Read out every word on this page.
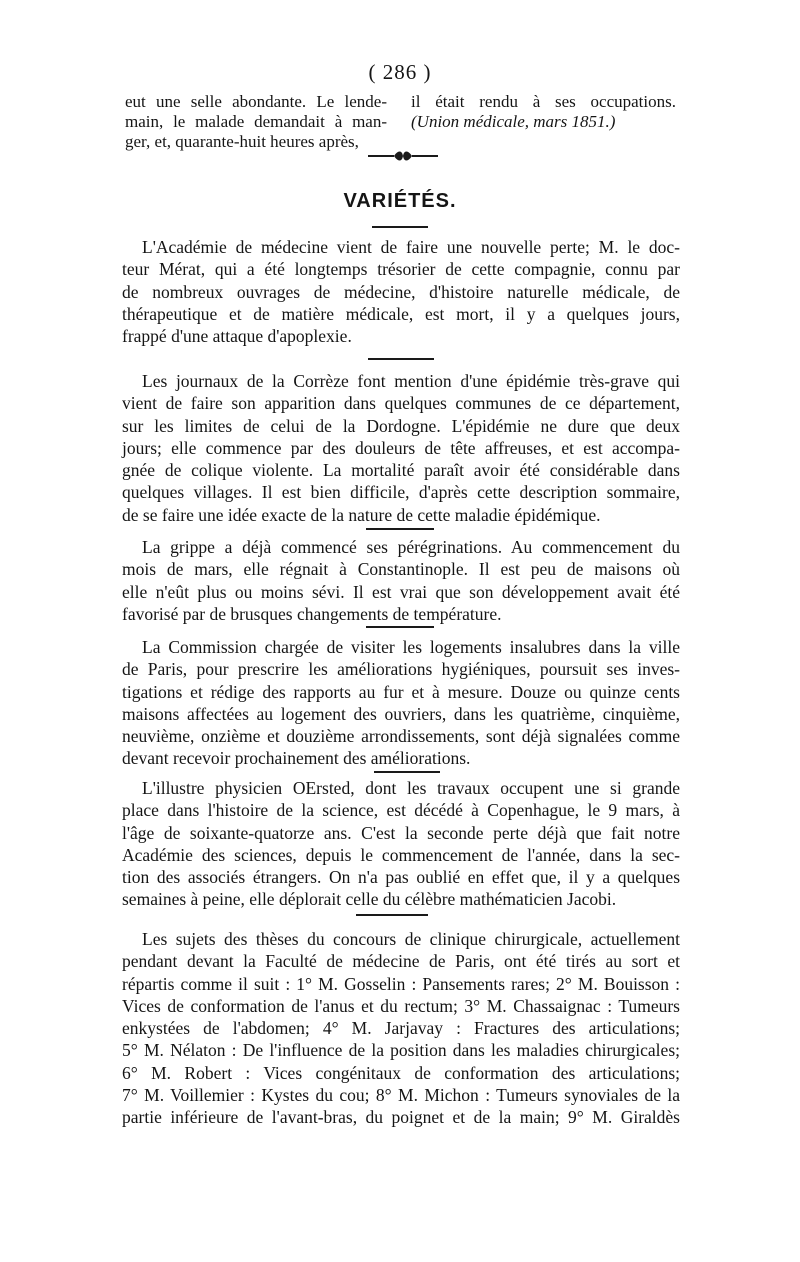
( 286 )
eut une selle abondante. Le lende-
main, le malade demandait à man-
ger, et, quarante-huit heures après,
il était rendu à ses occupations.
(Union médicale, mars 1851.)
VARIÉTÉS.
L'Académie de médecine vient de faire une nouvelle perte; M. le doc-
teur Mérat, qui a été longtemps trésorier de cette compagnie, connu par
de nombreux ouvrages de médecine, d'histoire naturelle médicale, de
thérapeutique et de matière médicale, est mort, il y a quelques jours,
frappé d'une attaque d'apoplexie.
Les journaux de la Corrèze font mention d'une épidémie très-grave qui
vient de faire son apparition dans quelques communes de ce département,
sur les limites de celui de la Dordogne. L'épidémie ne dure que deux
jours; elle commence par des douleurs de tête affreuses, et est accompa-
gnée de colique violente. La mortalité paraît avoir été considérable dans
quelques villages. Il est bien difficile, d'après cette description sommaire,
de se faire une idée exacte de la nature de cette maladie épidémique.
La grippe a déjà commencé ses pérégrinations. Au commencement du
mois de mars, elle régnait à Constantinople. Il est peu de maisons où
elle n'eût plus ou moins sévi. Il est vrai que son développement avait été
favorisé par de brusques changements de température.
La Commission chargée de visiter les logements insalubres dans la ville
de Paris, pour prescrire les améliorations hygiéniques, poursuit ses inves-
tigations et rédige des rapports au fur et à mesure. Douze ou quinze cents
maisons affectées au logement des ouvriers, dans les quatrième, cinquième,
neuvième, onzième et douzième arrondissements, sont déjà signalées comme
devant recevoir prochainement des améliorations.
L'illustre physicien OErsted, dont les travaux occupent une si grande
place dans l'histoire de la science, est décédé à Copenhague, le 9 mars, à
l'âge de soixante-quatorze ans. C'est la seconde perte déjà que fait notre
Académie des sciences, depuis le commencement de l'année, dans la sec-
tion des associés étrangers. On n'a pas oublié en effet que, il y a quelques
semaines à peine, elle déplorait celle du célèbre mathématicien Jacobi.
Les sujets des thèses du concours de clinique chirurgicale, actuellement
pendant devant la Faculté de médecine de Paris, ont été tirés au sort et
répartis comme il suit : 1° M. Gosselin : Pansements rares; 2° M. Bouisson :
Vices de conformation de l'anus et du rectum; 3° M. Chassaignac : Tumeurs
enkystées de l'abdomen; 4° M. Jarjavay : Fractures des articulations;
5° M. Nélaton : De l'influence de la position dans les maladies chirurgicales;
6° M. Robert : Vices congénitaux de conformation des articulations;
7° M. Voillemier : Kystes du cou; 8° M. Michon : Tumeurs synoviales de la
partie inférieure de l'avant-bras, du poignet et de la main; 9° M. Giraldès
